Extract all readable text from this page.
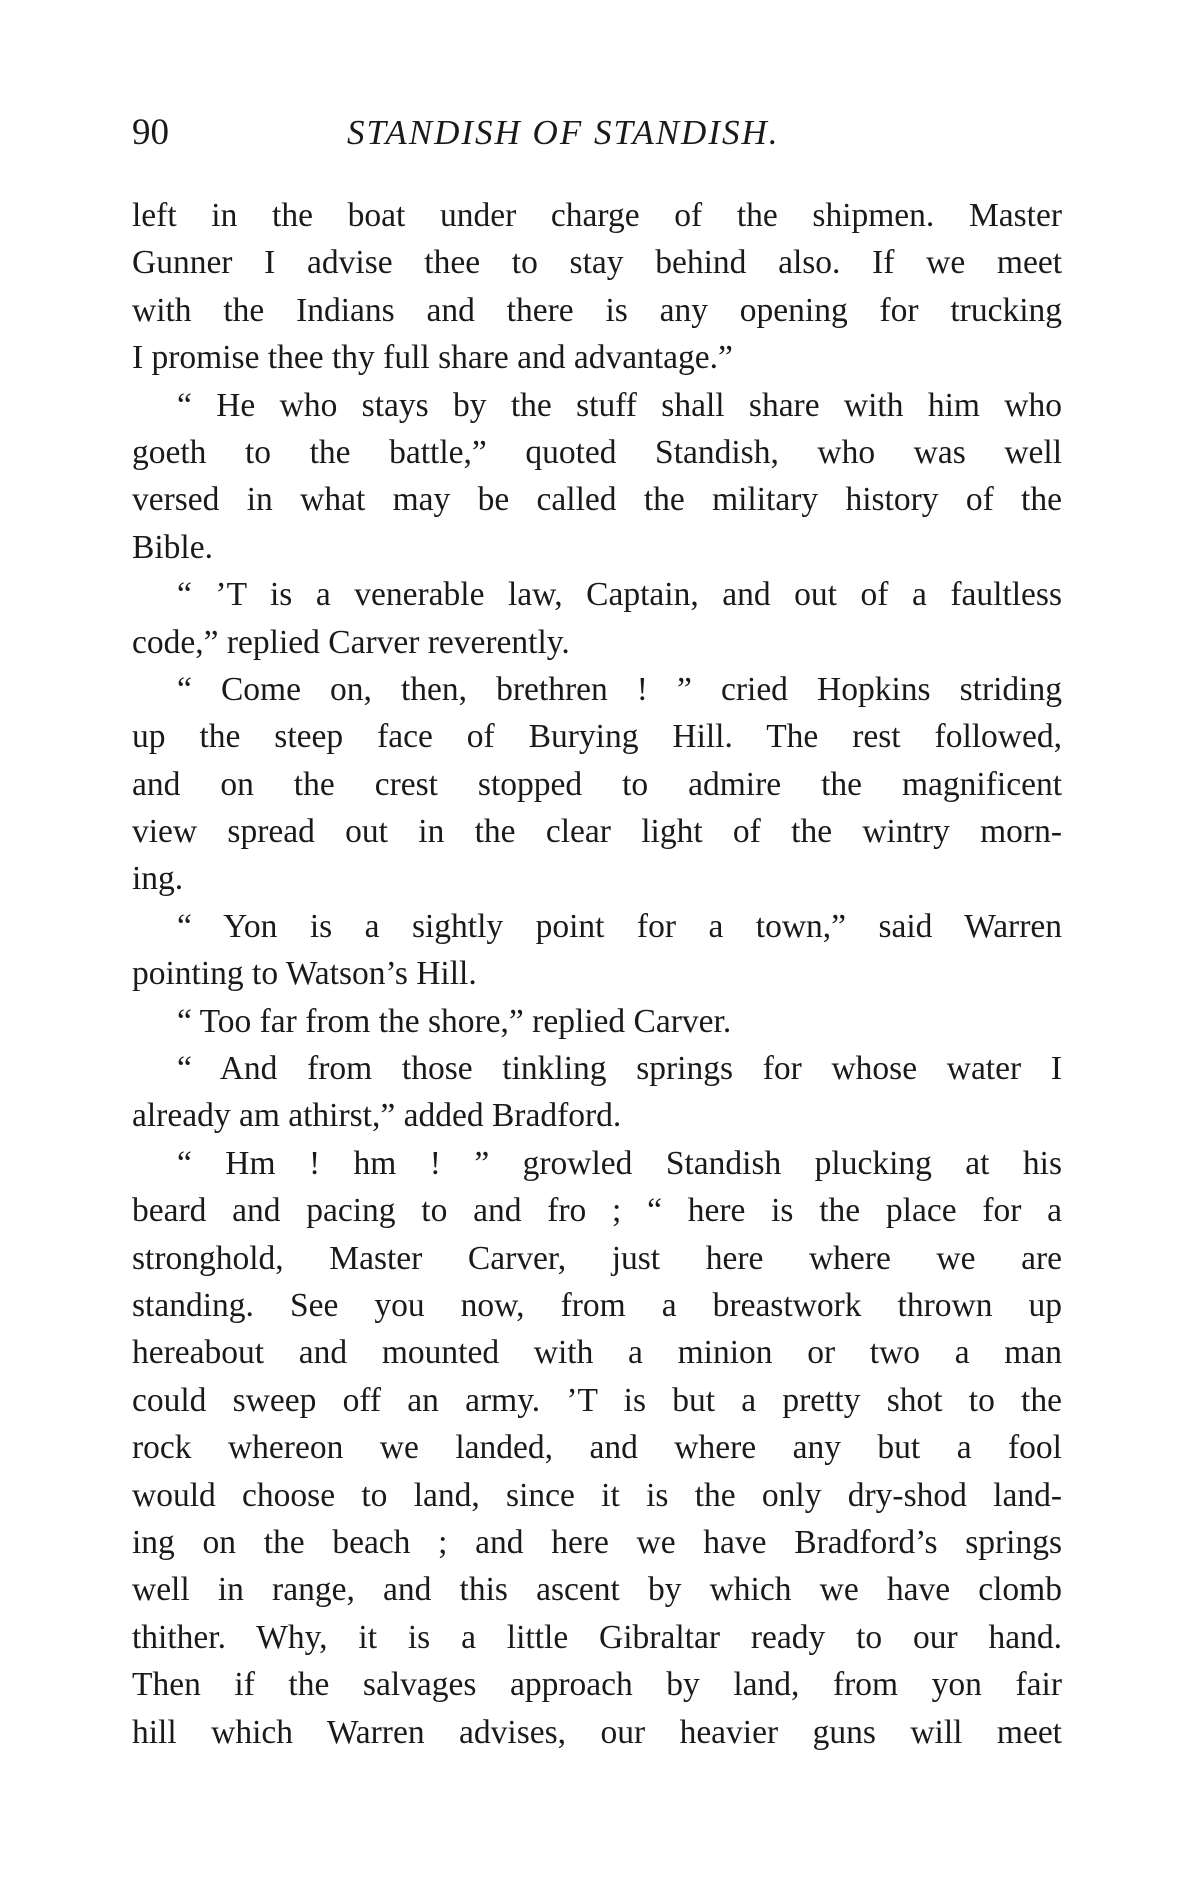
90	STANDISH OF STANDISH.
left in the boat under charge of the shipmen. Master
Gunner I advise thee to stay behind also. If we meet
with the Indians and there is any opening for trucking
I promise thee thy full share and advantage.”
“ He who stays by the stuff shall share with him who
goeth to the battle,” quoted Standish, who was well
versed in what may be called the military history of the
Bible.
“ ’T is a venerable law, Captain, and out of a faultless
code,” replied Carver reverently.
“ Come on, then, brethren ! ” cried Hopkins striding
up the steep face of Burying Hill. The rest followed,
and on the crest stopped to admire the magnificent
view spread out in the clear light of the wintry morn-
ing.
“ Yon is a sightly point for a town,” said Warren
pointing to Watson’s Hill.
“ Too far from the shore,” replied Carver.
“ And from those tinkling springs for whose water I
already am athirst,” added Bradford.
“ Hm ! hm ! ” growled Standish plucking at his
beard and pacing to and fro ; “ here is the place for a
stronghold, Master Carver, just here where we are
standing. See you now, from a breastwork thrown up
hereabout and mounted with a minion or two a man
could sweep off an army. ’T is but a pretty shot to the
rock whereon we landed, and where any but a fool
would choose to land, since it is the only dry-shod land-
ing on the beach ; and here we have Bradford’s springs
well in range, and this ascent by which we have clomb
thither. Why, it is a little Gibraltar ready to our hand.
Then if the salvages approach by land, from yon fair
hill which Warren advises, our heavier guns will meet
